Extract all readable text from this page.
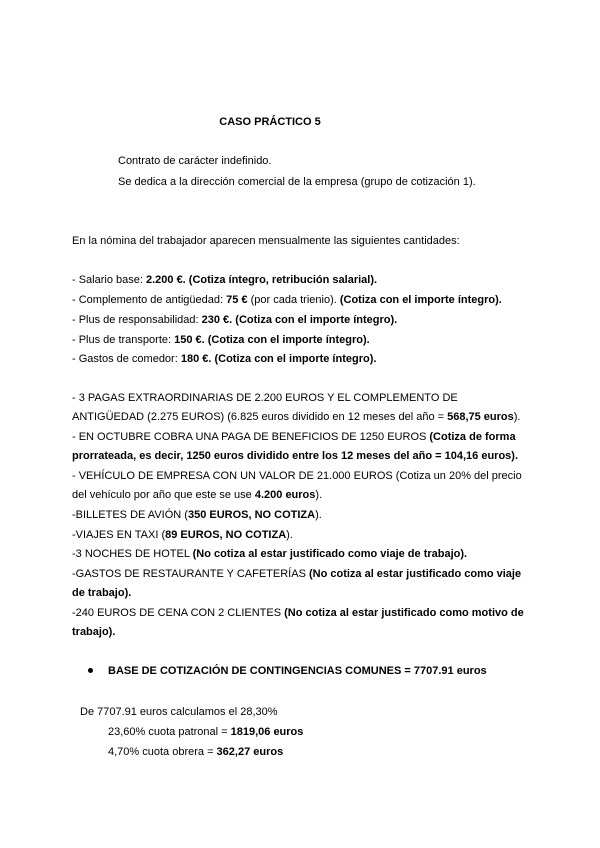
CASO PRÁCTICO 5
Contrato de carácter indefinido.
Se dedica a la dirección comercial de la empresa (grupo de cotización 1).
En la nómina del trabajador aparecen mensualmente las siguientes cantidades:
- Salario base: 2.200 €. (Cotiza íntegro, retribución salarial).
- Complemento de antigüedad: 75 € (por cada trienio). (Cotiza con el importe íntegro).
- Plus de responsabilidad: 230 €. (Cotiza con el importe íntegro).
- Plus de transporte: 150 €. (Cotiza con el importe íntegro).
- Gastos de comedor: 180 €. (Cotiza con el importe íntegro).
- 3 PAGAS EXTRAORDINARIAS DE 2.200 EUROS Y EL COMPLEMENTO DE ANTIGÜEDAD (2.275 EUROS) (6.825 euros dividido en 12 meses del año = 568,75 euros).
- EN OCTUBRE COBRA UNA PAGA DE BENEFICIOS DE 1250 EUROS (Cotiza de forma prorrateada, es decir, 1250 euros dividido entre los 12 meses del año = 104,16 euros).
- VEHÍCULO DE EMPRESA CON UN VALOR DE 21.000 EUROS (Cotiza un 20% del precio del vehículo por año que este se use 4.200 euros).
-BILLETES DE AVIÓN (350 EUROS, NO COTIZA).
-VIAJES EN TAXI (89 EUROS, NO COTIZA).
-3 NOCHES DE HOTEL (No cotiza al estar justificado como viaje de trabajo).
-GASTOS DE RESTAURANTE Y CAFETERÍAS (No cotiza al estar justificado como viaje de trabajo).
-240 EUROS DE CENA CON 2 CLIENTES (No cotiza al estar justificado como motivo de trabajo).
BASE DE COTIZACIÓN DE CONTINGENCIAS COMUNES = 7707.91 euros
De 7707.91 euros calculamos el 28,30%
23,60% cuota patronal = 1819,06 euros
4,70% cuota obrera = 362,27 euros
